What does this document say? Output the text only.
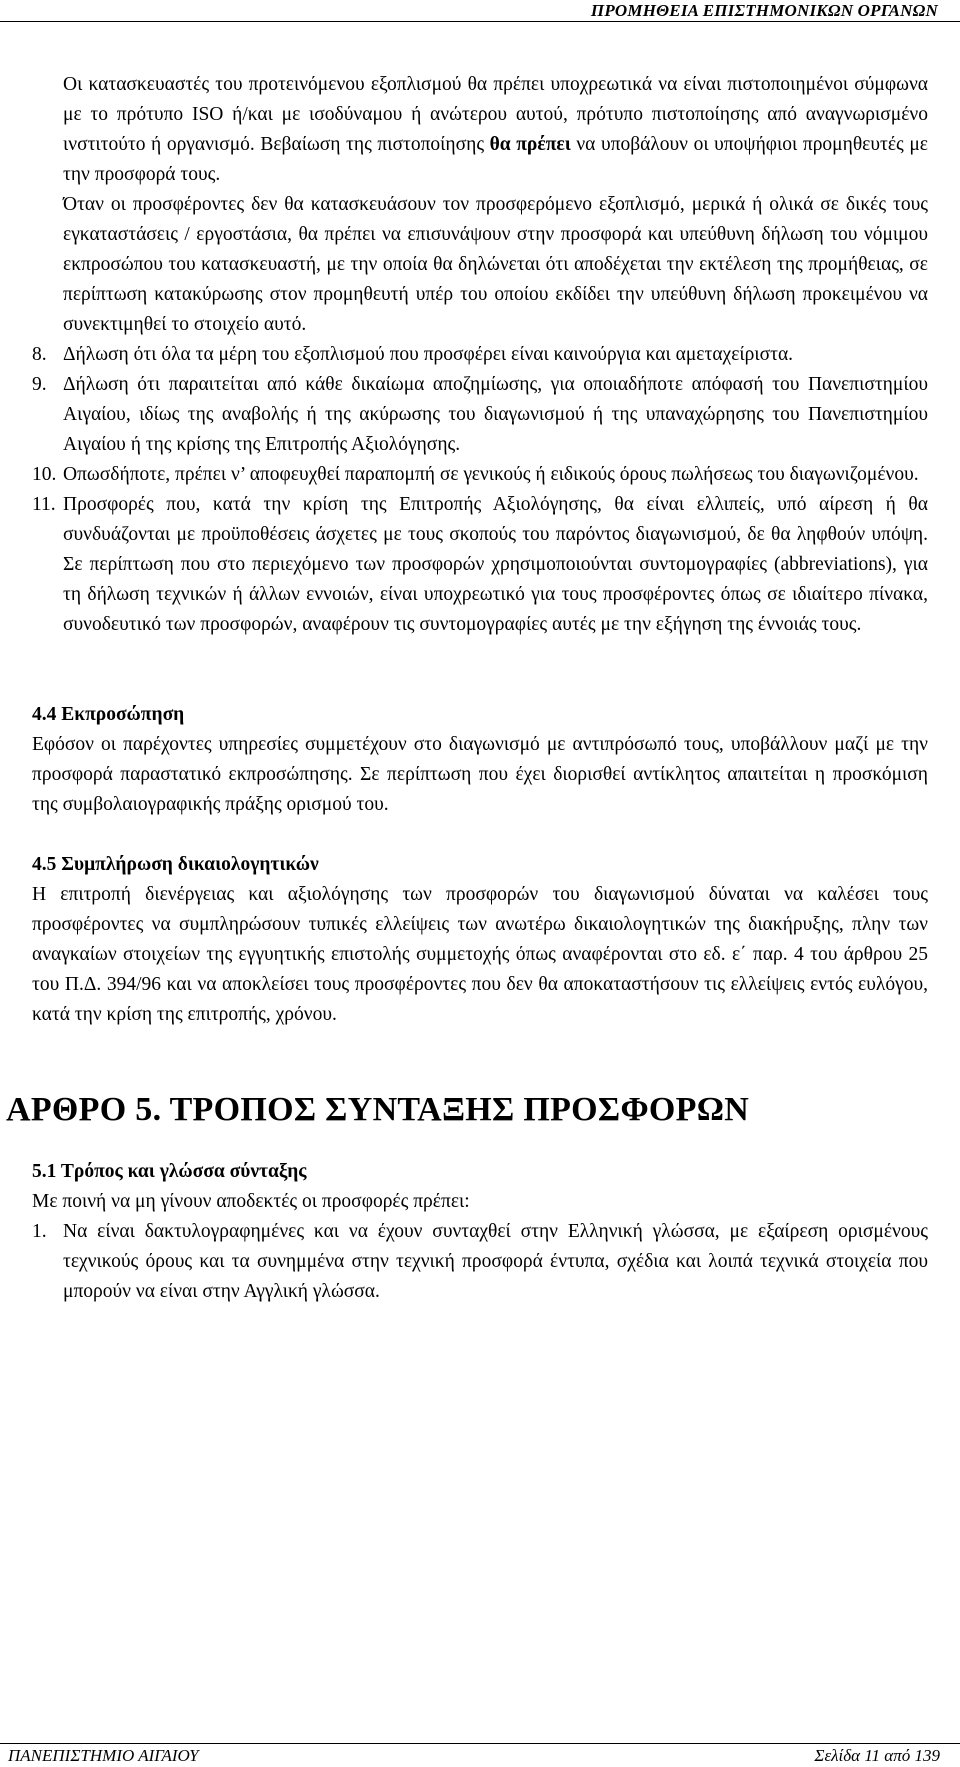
ΠΡΟΜΗΘΕΙΑ ΕΠΙΣΤΗΜΟΝΙΚΩΝ ΟΡΓΑΝΩΝ

Οι κατασκευαστές του προτεινόμενου εξοπλισμού θα πρέπει υποχρεωτικά να είναι πιστοποιημένοι σύμφωνα με το πρότυπο ISO ή/και με ισοδύναμου ή ανώτερου αυτού, πρότυπο πιστοποίησης από αναγνωρισμένο ινστιτούτο ή οργανισμό. Βεβαίωση της πιστοποίησης θα πρέπει να υποβάλουν οι υποψήφιοι προμηθευτές με την προσφορά τους.

Όταν οι προσφέροντες δεν θα κατασκευάσουν τον προσφερόμενο εξοπλισμό, μερικά ή ολικά σε δικές τους εγκαταστάσεις / εργοστάσια, θα πρέπει να επισυνάψουν στην προσφορά και υπεύθυνη δήλωση του νόμιμου εκπροσώπου του κατασκευαστή, με την οποία θα δηλώνεται ότι αποδέχεται την εκτέλεση της προμήθειας, σε περίπτωση κατακύρωσης στον προμηθευτή υπέρ του οποίου εκδίδει την υπεύθυνη δήλωση προκειμένου να συνεκτιμηθεί το στοιχείο αυτό.

8. Δήλωση ότι όλα τα μέρη του εξοπλισμού που προσφέρει είναι καινούργια και αμεταχείριστα.
9. Δήλωση ότι παραιτείται από κάθε δικαίωμα αποζημίωσης, για οποιαδήποτε απόφασή του Πανεπιστημίου Αιγαίου, ιδίως της αναβολής ή της ακύρωσης του διαγωνισμού ή της υπαναχώρησης του Πανεπιστημίου Αιγαίου ή της κρίσης της Επιτροπής Αξιολόγησης.
10. Οπωσδήποτε, πρέπει ν’ αποφευχθεί παραπομπή σε γενικούς ή ειδικούς όρους πωλήσεως του διαγωνιζομένου.
11. Προσφορές που, κατά την κρίση της Επιτροπής Αξιολόγησης, θα είναι ελλιπείς, υπό αίρεση ή θα συνδυάζονται με προϋποθέσεις άσχετες με τους σκοπούς του παρόντος διαγωνισμού, δε θα ληφθούν υπόψη. Σε περίπτωση που στο περιεχόμενο των προσφορών χρησιμοποιούνται συντομογραφίες (abbreviations), για τη δήλωση τεχνικών ή άλλων εννοιών, είναι υποχρεωτικό για τους προσφέροντες όπως σε ιδιαίτερο πίνακα, συνοδευτικό των προσφορών, αναφέρουν τις συντομογραφίες αυτές με την εξήγηση της έννοιάς τους.

4.4 Εκπροσώπηση

Εφόσον οι παρέχοντες υπηρεσίες συμμετέχουν στο διαγωνισμό με αντιπρόσωπό τους, υποβάλλουν μαζί με την προσφορά παραστατικό εκπροσώπησης. Σε περίπτωση που έχει διορισθεί αντίκλητος απαιτείται η προσκόμιση της συμβολαιογραφικής πράξης ορισμού του.

4.5 Συμπλήρωση δικαιολογητικών

Η επιτροπή διενέργειας και αξιολόγησης των προσφορών του διαγωνισμού δύναται να καλέσει τους προσφέροντες να συμπληρώσουν τυπικές ελλείψεις των ανωτέρω δικαιολογητικών της διακήρυξης, πλην των αναγκαίων στοιχείων της εγγυητικής επιστολής συμμετοχής όπως αναφέρονται στο εδ. ε΄ παρ. 4 του άρθρου 25 του Π.Δ. 394/96 και να αποκλείσει τους προσφέροντες που δεν θα αποκαταστήσουν τις ελλείψεις εντός ευλόγου, κατά την κρίση της επιτροπής, χρόνου.

ΑΡΘΡΟ 5. ΤΡΟΠΟΣ ΣΥΝΤΑΞΗΣ ΠΡΟΣΦΟΡΩΝ

5.1 Τρόπος και γλώσσα σύνταξης

Με ποινή να μη γίνουν αποδεκτές οι προσφορές πρέπει:

1. Να είναι δακτυλογραφημένες και να έχουν συνταχθεί στην Ελληνική γλώσσα, με εξαίρεση ορισμένους τεχνικούς όρους και τα συνημμένα στην τεχνική προσφορά έντυπα, σχέδια και λοιπά τεχνικά στοιχεία που μπορούν να είναι στην Αγγλική γλώσσα.
ΠΑΝΕΠΙΣΤΗΜΙΟ ΑΙΓΑΙΟΥ	Σελίδα 11 από 139
